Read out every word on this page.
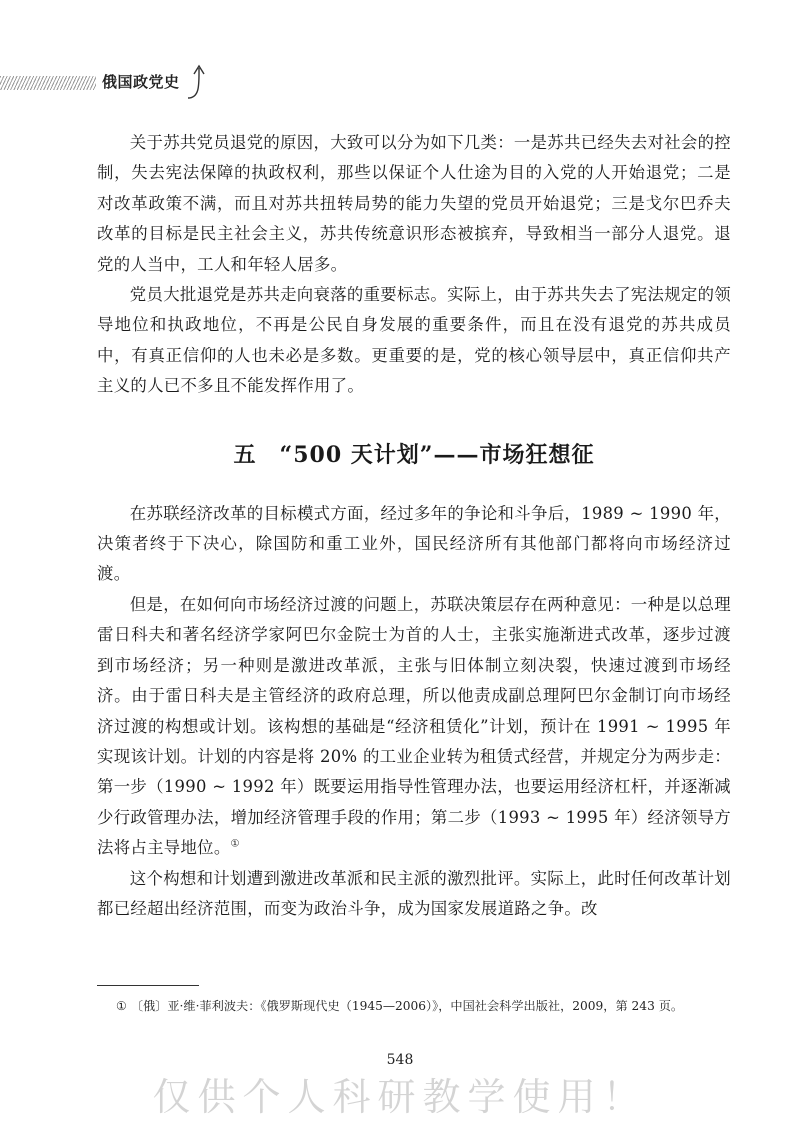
俄国政党史

关于苏共党员退党的原因，大致可以分为如下几类：一是苏共已经失去对社会的控制，失去宪法保障的执政权利，那些以保证个人仕途为目的入党的人开始退党；二是对改革政策不满，而且对苏共扭转局势的能力失望的党员开始退党；三是戈尔巴乔夫改革的目标是民主社会主义，苏共传统意识形态被摈弃，导致相当一部分人退党。退党的人当中，工人和年轻人居多。

党员大批退党是苏共走向衰落的重要标志。实际上，由于苏共失去了宪法规定的领导地位和执政地位，不再是公民自身发展的重要条件，而且在没有退党的苏共成员中，有真正信仰的人也未必是多数。更重要的是，党的核心领导层中，真正信仰共产主义的人已不多且不能发挥作用了。

五　“500 天计划”——市场狂想征

在苏联经济改革的目标模式方面，经过多年的争论和斗争后，1989 ~ 1990 年，决策者终于下决心，除国防和重工业外，国民经济所有其他部门都将向市场经济过渡。

但是，在如何向市场经济过渡的问题上，苏联决策层存在两种意见：一种是以总理雷日科夫和著名经济学家阿巴尔金院士为首的人士，主张实施渐进式改革，逐步过渡到市场经济；另一种则是激进改革派，主张与旧体制立刻决裂，快速过渡到市场经济。由于雷日科夫是主管经济的政府总理，所以他责成副总理阿巴尔金制订向市场经济过渡的构想或计划。该构想的基础是“经济租赁化”计划，预计在 1991 ~ 1995 年实现该计划。计划的内容是将 20% 的工业企业转为租赁式经营，并规定分为两步走：第一步（1990 ~ 1992 年）既要运用指导性管理办法，也要运用经济杠杆，并逐渐减少行政管理办法，增加经济管理手段的作用；第二步（1993 ~ 1995 年）经济领导方法将占主导地位。①

这个构想和计划遭到激进改革派和民主派的激烈批评。实际上，此时任何改革计划都已经超出经济范围，而变为政治斗争，成为国家发展道路之争。改

① 〔俄〕亚·维·菲利波夫：《俄罗斯现代史（1945—2006）》，中国社会科学出版社，2009，第 243 页。
548
仅供个人科研教学使用！
